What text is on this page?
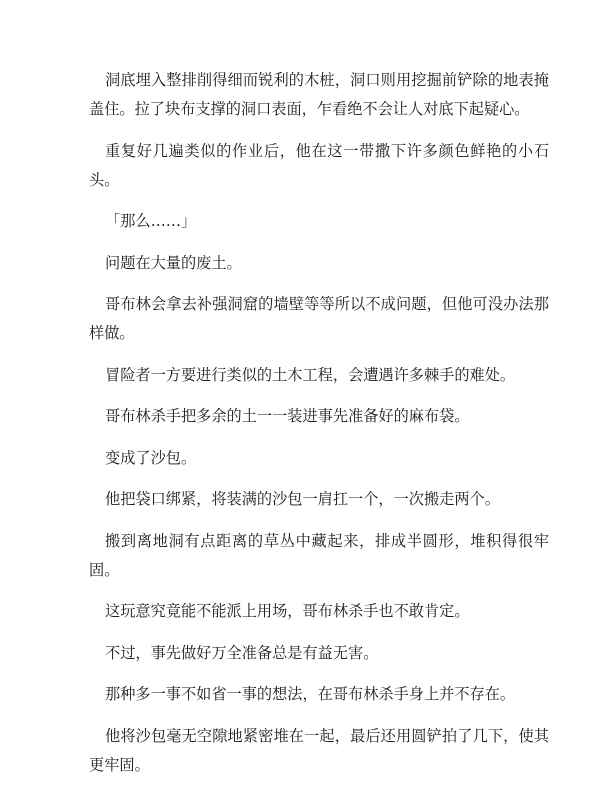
洞底埋入整排削得细而锐利的木桩，洞口则用挖掘前铲除的地表掩盖住。拉了块布支撑的洞口表面，乍看绝不会让人对底下起疑心。

重复好几遍类似的作业后，他在这一带撒下许多颜色鲜艳的小石头。

「那么……」

问题在大量的废土。

哥布林会拿去补强洞窟的墙壁等等所以不成问题，但他可没办法那样做。

冒险者一方要进行类似的土木工程，会遭遇许多棘手的难处。

哥布林杀手把多余的土一一装进事先准备好的麻布袋。

变成了沙包。

他把袋口绑紧，将装满的沙包一肩扛一个，一次搬走两个。

搬到离地洞有点距离的草丛中藏起来，排成半圆形，堆积得很牢固。

这玩意究竟能不能派上用场，哥布林杀手也不敢肯定。

不过，事先做好万全准备总是有益无害。

那种多一事不如省一事的想法，在哥布林杀手身上并不存在。

他将沙包毫无空隙地紧密堆在一起，最后还用圆铲拍了几下，使其更牢固。
